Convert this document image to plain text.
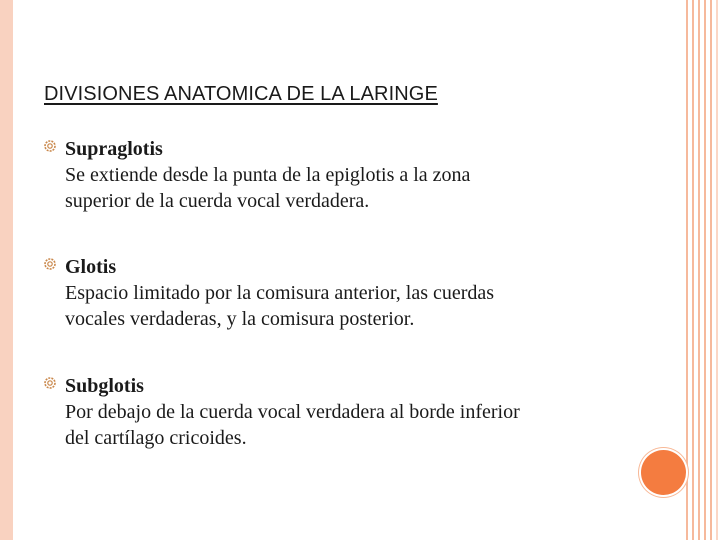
DIVISIONES ANATOMICA DE LA LARINGE
Supraglotis
Se extiende desde la punta de la epiglotis a la zona
superior de la cuerda vocal verdadera.
Glotis
Espacio limitado por la comisura anterior, las cuerdas
vocales verdaderas, y la comisura posterior.
Subglotis
Por debajo de la cuerda vocal verdadera al borde inferior
del cartílago cricoides.
